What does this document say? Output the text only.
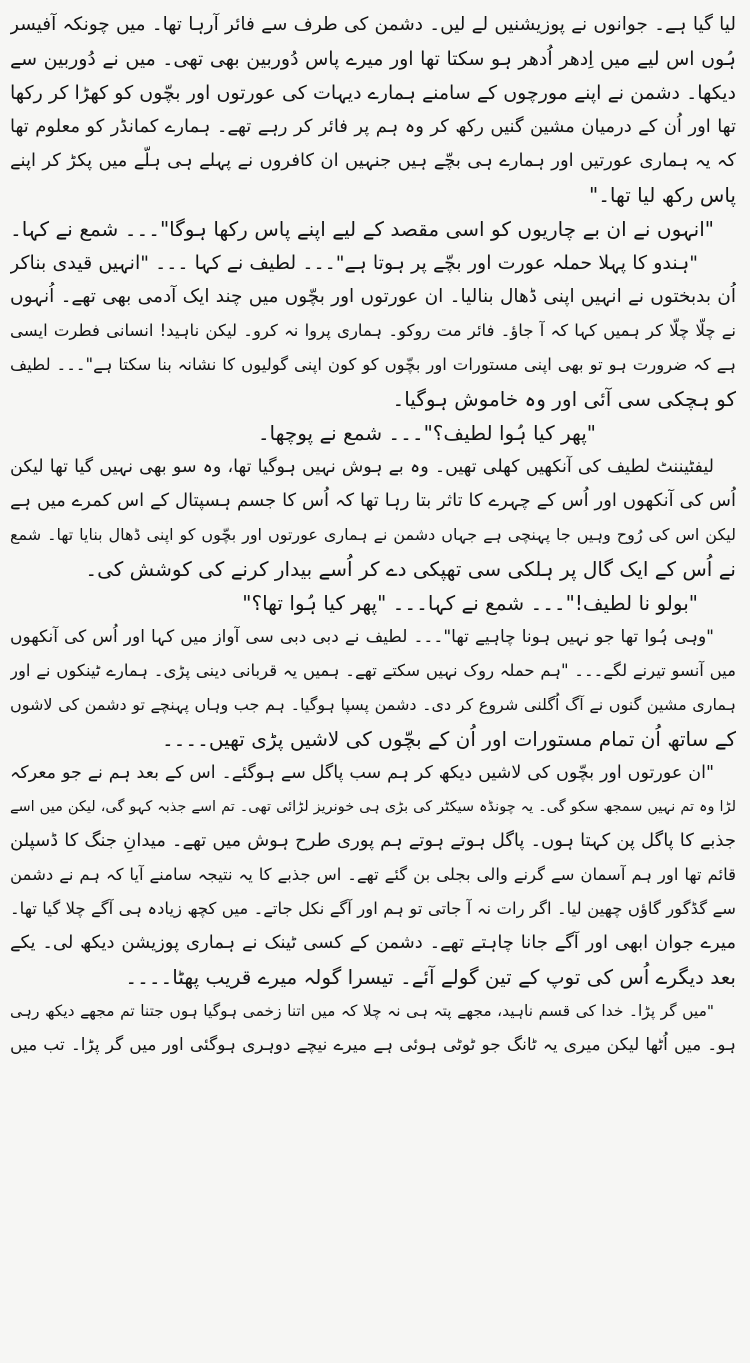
لیا گیا ہے۔ جوانوں نے پوزیشنیں لے لیں۔ دشمن کی طرف سے فائر آرہا تھا۔ میں چونکہ آفیسر
ہُوں اس لیے میں اِدھر اُدھر ہو سکتا تھا اور میرے پاس دُوربین بھی تھی۔ میں نے دُوربین سے
دیکھا۔ دشمن نے اپنے مورچوں کے سامنے ہمارے دیہات کی عورتوں اور بچّوں کو کھڑا کر رکھا
تھا اور اُن کے درمیان مشین گنیں رکھ کر وہ ہم پر فائر کر رہے تھے۔ ہمارے کمانڈر کو معلوم تھا
کہ یہ ہماری عورتیں اور ہمارے ہی بچّے ہیں جنہیں ان کافروں نے پہلے ہی ہلّے میں پکڑ کر اپنے
پاس رکھ لیا تھا۔"
"انہوں نے ان بے چاریوں کو اسی مقصد کے لیے اپنے پاس رکھا ہوگا"۔۔۔ شمع نے کہا۔
"ہندو کا پہلا حملہ عورت اور بچّے پر ہوتا ہے"۔۔۔ لطیف نے کہا ۔۔۔ "انہیں قیدی بناکر
اُن بدبختوں نے انہیں اپنی ڈھال بنالیا۔ ان عورتوں اور بچّوں میں چند ایک آدمی بھی تھے۔ اُنہوں
نے چلّا چلّا کر ہمیں کہا کہ آ جاؤ۔ فائر مت روکو۔ ہماری پروا نہ کرو۔ لیکن ناہید! انسانی فطرت ایسی
ہے کہ ضرورت ہو تو بھی اپنی مستورات اور بچّوں کو کون اپنی گولیوں کا نشانہ بنا سکتا ہے"۔۔۔ لطیف
کو ہچکی سی آئی اور وہ خاموش ہوگیا۔
"پھر کیا ہُوا لطیف؟"۔۔۔ شمع نے پوچھا۔
لیفٹیننٹ لطیف کی آنکھیں کھلی تھیں۔ وہ بے ہوش نہیں ہوگیا تھا، وہ سو بھی نہیں گیا تھا لیکن
اُس کی آنکھوں اور اُس کے چہرے کا تاثر بتا رہا تھا کہ اُس کا جسم ہسپتال کے اس کمرے میں ہے
لیکن اس کی رُوح وہیں جا پہنچی ہے جہاں دشمن نے ہماری عورتوں اور بچّوں کو اپنی ڈھال بنایا تھا۔ شمع
نے اُس کے ایک گال پر ہلکی سی تھپکی دے کر اُسے بیدار کرنے کی کوشش کی۔
"بولو نا لطیف!"۔۔۔ شمع نے کہا۔۔۔ "پھر کیا ہُوا تھا؟"
"وہی ہُوا تھا جو نہیں ہونا چاہیے تھا"۔۔۔ لطیف نے دبی دبی سی آواز میں کہا اور اُس کی آنکھوں
میں آنسو تیرنے لگے۔۔۔ "ہم حملہ روک نہیں سکتے تھے۔ ہمیں یہ قربانی دینی پڑی۔ ہمارے ٹینکوں نے اور
ہماری مشین گنوں نے آگ اُگلنی شروع کر دی۔ دشمن پسپا ہوگیا۔ ہم جب وہاں پہنچے تو دشمن کی لاشوں
کے ساتھ اُن تمام مستورات اور اُن کے بچّوں کی لاشیں پڑی تھیں۔۔۔۔
"ان عورتوں اور بچّوں کی لاشیں دیکھ کر ہم سب پاگل سے ہوگئے۔ اس کے بعد ہم نے جو معرکہ
لڑا وہ تم نہیں سمجھ سکو گی۔ یہ چونڈہ سیکٹر کی بڑی ہی خونریز لڑائی تھی۔ تم اسے جذبہ کہو گی، لیکن میں اسے
جذبے کا پاگل پن کہتا ہوں۔ پاگل ہوتے ہوتے ہم پوری طرح ہوش میں تھے۔ میدانِ جنگ کا ڈسپلن
قائم تھا اور ہم آسمان سے گرنے والی بجلی بن گئے تھے۔ اس جذبے کا یہ نتیجہ سامنے آیا کہ ہم نے دشمن
سے گڈگور گاؤں چھین لیا۔ اگر رات نہ آ جاتی تو ہم اور آگے نکل جاتے۔ میں کچھ زیادہ ہی آگے چلا گیا تھا۔
میرے جوان ابھی اور آگے جانا چاہتے تھے۔ دشمن کے کسی ٹینک نے ہماری پوزیشن دیکھ لی۔ یکے
بعد دیگرے اُس کی توپ کے تین گولے آئے۔ تیسرا گولہ میرے قریب پھٹا۔۔۔۔
"میں گر پڑا۔ خدا کی قسم ناہید، مجھے پتہ ہی نہ چلا کہ میں اتنا زخمی ہوگیا ہوں جتنا تم مجھے دیکھ رہی
ہو۔ میں اُٹھا لیکن میری یہ ٹانگ جو ٹوٹی ہوئی ہے میرے نیچے دوہری ہوگئی اور میں گر پڑا۔ تب میں
